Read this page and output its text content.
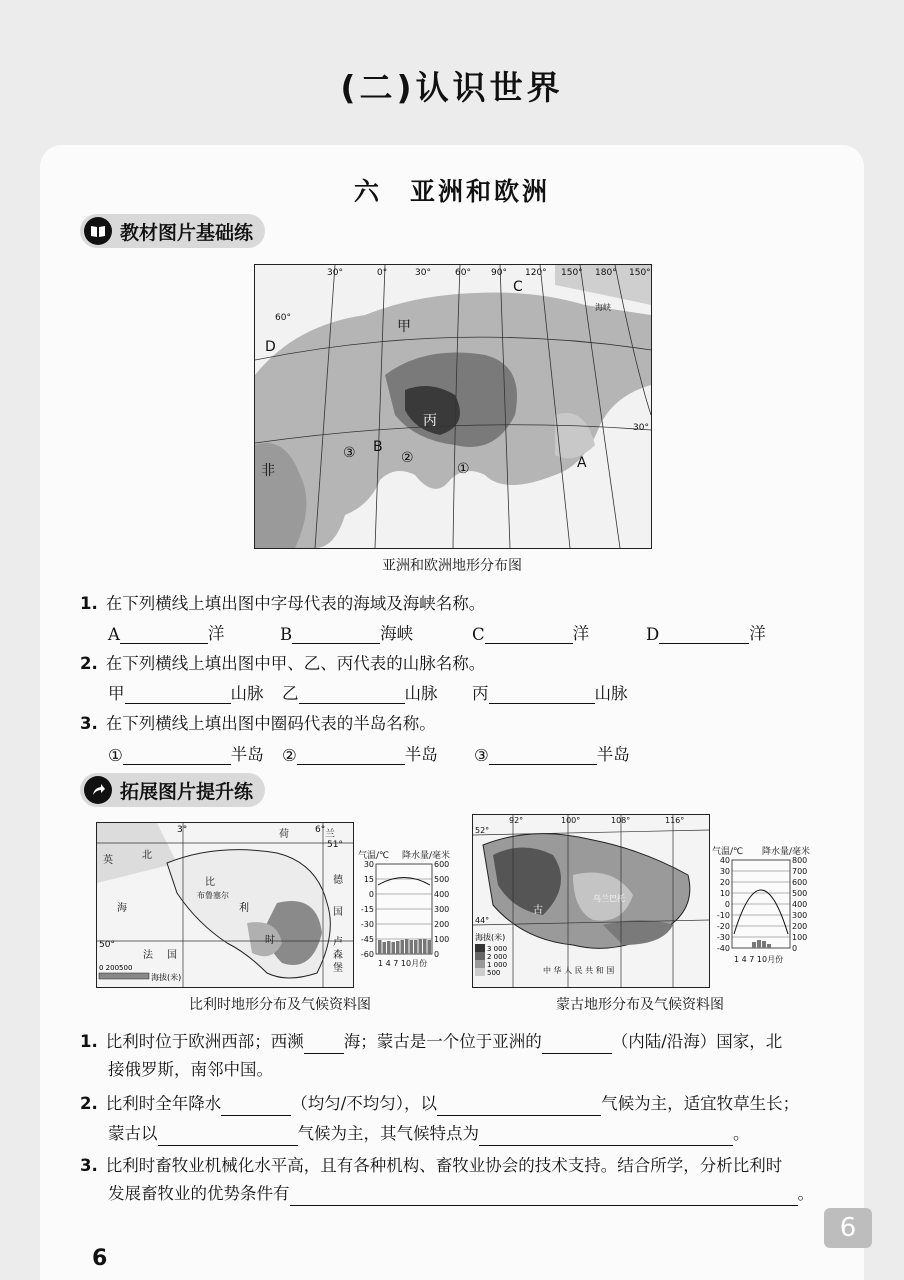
(二)认识世界
六 亚洲和欧洲
教材图片基础练
30°	0°	30°	60° 90° 120° 150° 180° 150°
60°
30°
A
B
C
D
甲
丙
①
②
③
非
海峡
亚洲和欧洲地形分布图
1. 在下列横线上填出图中字母代表的海域及海峡名称。
A	洋	B	海峡	C	洋	D	洋
2. 在下列横线上填出图中甲、乙、丙代表的山脉名称。
甲	山脉 乙	山脉 丙	山脉
3. 在下列横线上填出图中圈码代表的半岛名称。
①	半岛 ②	半岛 ③	半岛
拓展图片提升练
3°	6°
51°
50°
布鲁塞尔
荷	兰
北
英
海
比
利
时
德
国
卢
森
堡
法 国
0 200500
海拔(米)
气温/℃ 降水量/毫米
30
15
0
-15
-30
-45
-60
600
500
400
300
200
100
0
1 4 7 10月份
比利时地形分布及气候资料图
52°
92°	100°	108°	116°
44°
乌兰巴托
中 华 人 民 共 和 国
古
海拔(米)
3 000
2 000
1 000
500
气温/℃ 降水量/毫米
40
30
20
10
0
-10
-20
-30
-40
800
700
600
500
400
300
200
100
0
1 4 7 10月份
蒙古地形分布及气候资料图
1. 比利时位于欧洲西部；西濒 海；蒙古是一个位于亚洲的	（内陆/沿海）国家，北
接俄罗斯，南邻中国。
2. 比利时全年降水	（均匀/不均匀），以	气候为主，适宜牧草生长；
蒙古以	气候为主，其气候特点为	。
3. 比利时畜牧业机械化水平高，且有各种机构、畜牧业协会的技术支持。结合所学，分析比利时
发展畜牧业的优势条件有	。
6
6
